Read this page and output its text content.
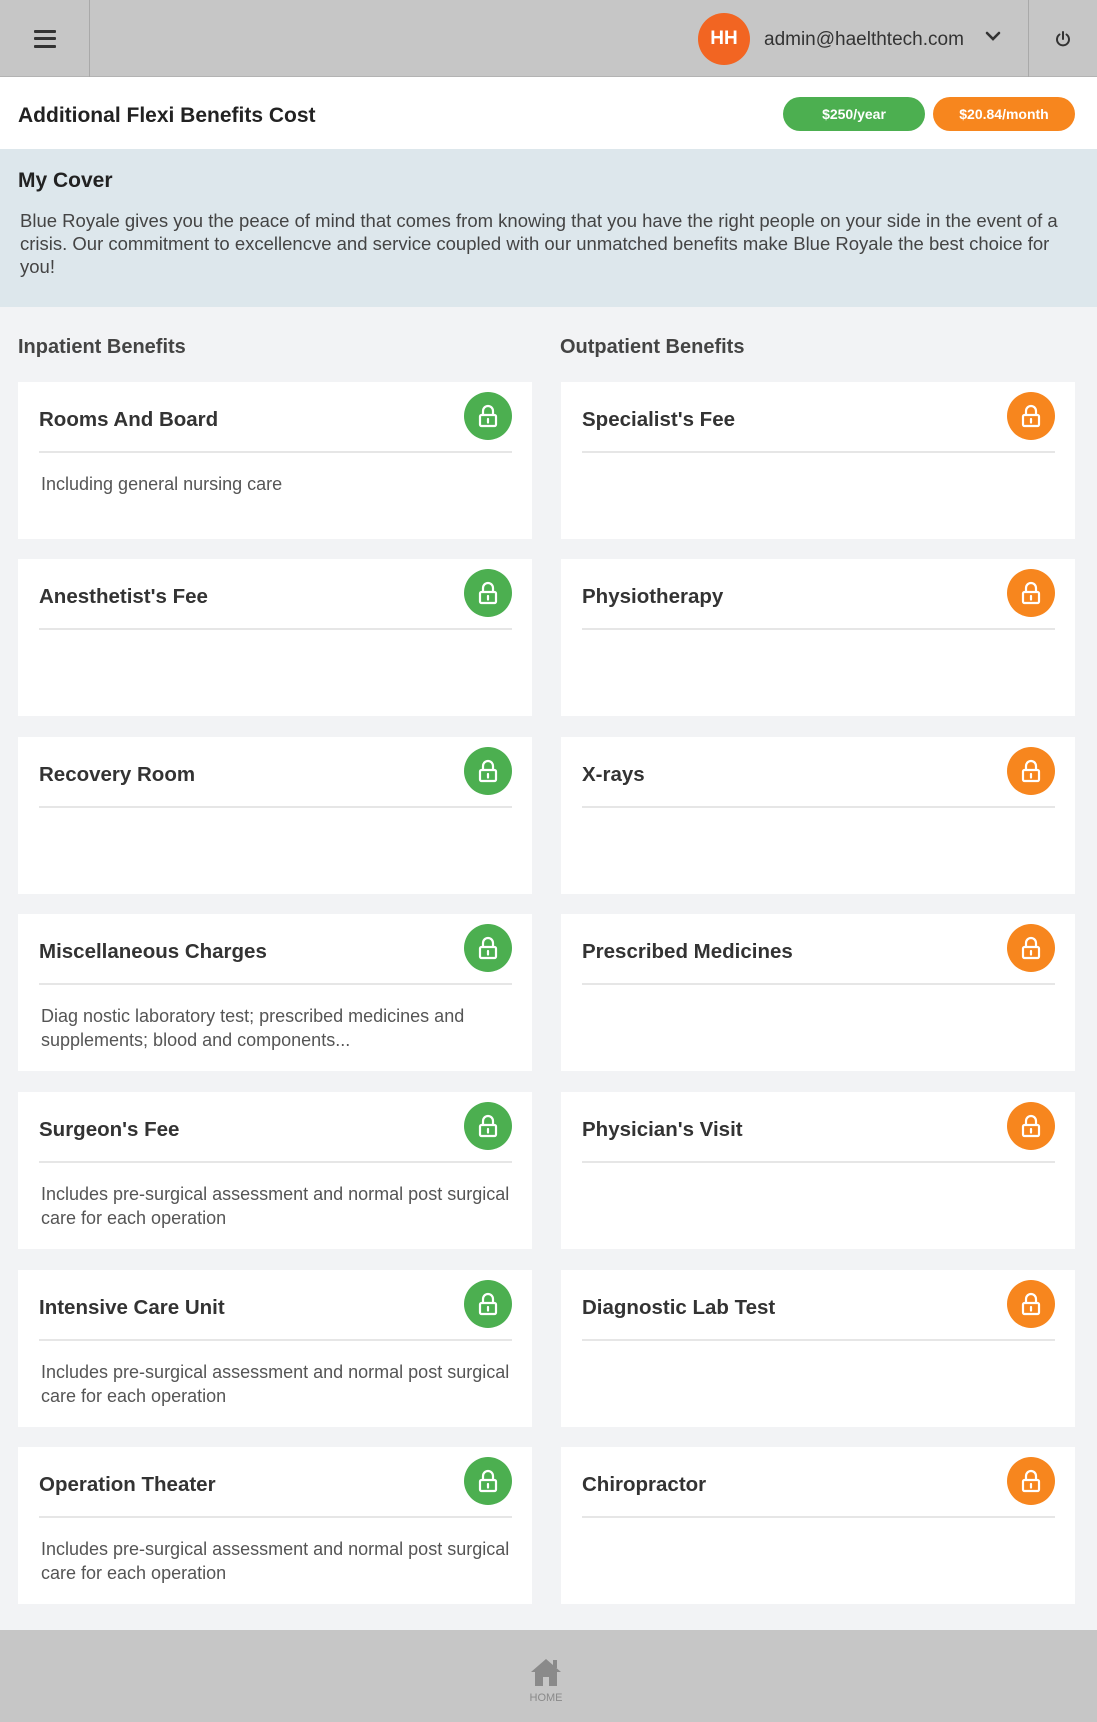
HH	admin@haelthtech.com
Additional Flexi Benefits Cost	$250/year	$20.84/month
My Cover
Blue Royale gives you the peace of mind that comes from knowing that you have the right people on your side in the event of a crisis. Our commitment to excellencve and service coupled with our unmatched benefits make Blue Royale the best choice for you!
Inpatient Benefits	Outpatient Benefits
Rooms And Board
Including general nursing care
Anesthetist's Fee
Recovery Room
Miscellaneous Charges
Diag nostic laboratory test; prescribed medicines and supplements; blood and components...
Surgeon's Fee
Includes pre-surgical assessment and normal post surgical care for each operation
Intensive Care Unit
Includes pre-surgical assessment and normal post surgical care for each operation
Operation Theater
Includes pre-surgical assessment and normal post surgical care for each operation
Specialist's Fee
Physiotherapy
X-rays
Prescribed Medicines
Physician's Visit
Diagnostic Lab Test
Chiropractor
HOME
